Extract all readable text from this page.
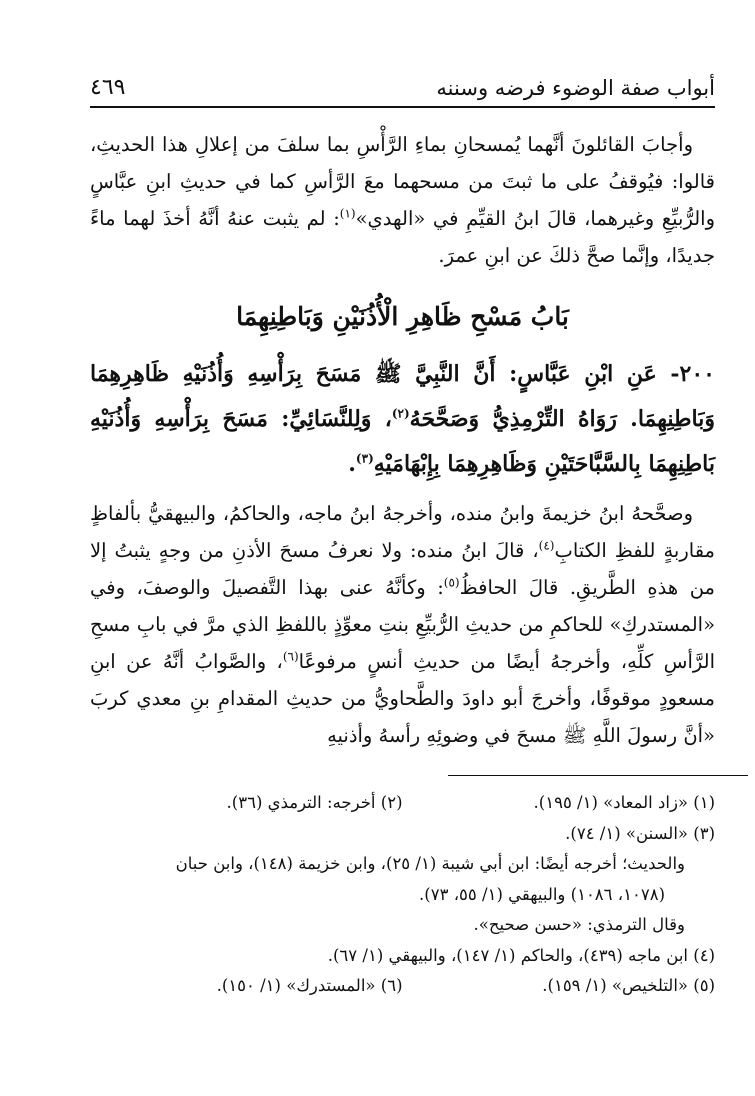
أبواب صفة الوضوء فرضه وسننه
٤٦٩

وأجابَ القائلونَ أنَّهما يُمسحانِ بماءِ الرَّأْسِ بما سلفَ من إعلالِ هذا الحديثِ، قالوا: فيُوقفُ على ما ثبتَ من مسحهما معَ الرَّأسِ كما في حديثِ ابنِ عبَّاسٍ والرُّبيِّعِ وغيرهما، قالَ ابنُ القيِّمِ في «الهدي»$^{(١)}$: لم يثبت عنهُ أنَّهُ أخذَ لهما ماءً جديدًا، وإنَّما صحَّ ذلكَ عن ابنِ عمرَ.

بَابُ مَسْحِ ظَاهِرِ الْأُذُنَيْنِ وَبَاطِنِهِمَا

٢٠٠- عَنِ ابْنِ عَبَّاسٍ: أَنَّ النَّبِيَّ ﷺ مَسَحَ بِرَأْسِهِ وَأُذُنَيْهِ ظَاهِرِهِمَا وَبَاطِنِهِمَا. رَوَاهُ التِّرْمِذِيُّ وَصَحَّحَهُ$^{(٢)}$، وَلِلنَّسَائِيِّ: مَسَحَ بِرَأْسِهِ وَأُذُنَيْهِ بَاطِنِهِمَا بِالسَّبَّاحَتَيْنِ وَظَاهِرِهِمَا بِإِبْهَامَيْهِ$^{(٣)}$.

وصحَّحهُ ابنُ خزيمةَ وابنُ منده، وأخرجهُ ابنُ ماجه، والحاكمُ، والبيهقيُّ بألفاظٍ مقاربةٍ للفظِ الكتابِ$^{(٤)}$، قالَ ابنُ منده: ولا نعرفُ مسحَ الأذنِ من وجهٍ يثبتُ إلا من هذهِ الطَّريقِ. قالَ الحافظُ$^{(٥)}$: وكأنَّهُ عنى بهذا التَّفصيلَ والوصفَ، وفي «المستدركِ» للحاكمِ من حديثِ الرُّبيِّعِ بنتِ معوِّذٍ باللفظِ الذي مرَّ في بابِ مسحِ الرَّأسِ كلِّهِ، وأخرجهُ أيضًا من حديثِ أنسٍ مرفوعًا$^{(٦)}$، والصَّوابُ أنَّهُ عن ابنِ مسعودٍ موقوفًا، وأخرجَ أبو داودَ والطَّحاويُّ من حديثِ المقدامِ بنِ معدي كربَ «أنَّ رسولَ اللَّهِ ﷺ مسحَ في وضوئِهِ رأسهُ وأذنيهِ

(١) «زاد المعاد» (١/ ١٩٥).
(٢) أخرجه: الترمذي (٣٦).
(٣) «السنن» (١/ ٧٤).
والحديث؛ أخرجه أيضًا: ابن أبي شيبة (١/ ٢٥)، وابن خزيمة (١٤٨)، وابن حبان
(١٠٧٨، ١٠٨٦) والبيهقي (١/ ٥٥، ٧٣).
وقال الترمذي: «حسن صحيح».
(٤) ابن ماجه (٤٣٩)، والحاكم (١/ ١٤٧)، والبيهقي (١/ ٦٧).
(٥) «التلخيص» (١/ ١٥٩).
(٦) «المستدرك» (١/ ١٥٠).
